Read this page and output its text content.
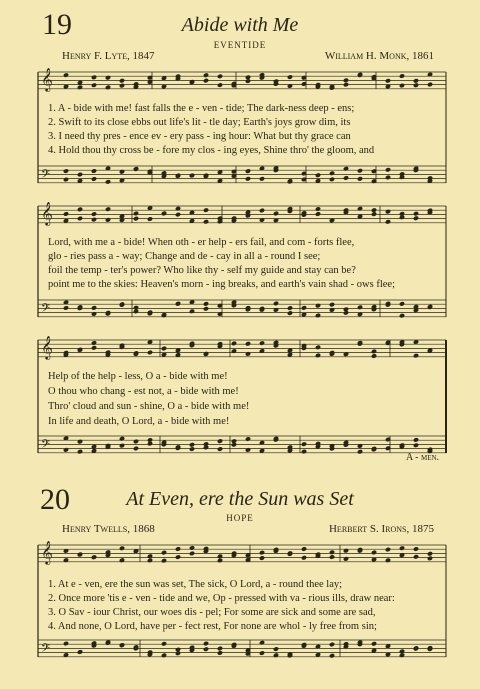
19	Abide with Me
EVENTIDE
Henry F. Lyte, 1847	William H. Monk, 1861
𝄞
𝄢
𝄞
𝄢
𝄞
𝄢
𝄞
𝄢
1. A - bide with me! fast falls the e - ven - tide; The dark-ness deep - ens;
2. Swift to its close ebbs out life's lit - tle day; Earth's joys grow dim, its
3. I need thy pres - ence ev - ery pass - ing hour: What but thy grace can
4. Hold thou thy cross be - fore my clos - ing eyes, Shine thro' the gloom, and
Lord, with me a - bide! When oth - er help - ers fail, and com - forts flee,
glo - ries pass a - way; Change and de - cay in all a - round I see;
foil the temp - ter's power? Who like thy - self my guide and stay can be?
point me to the skies: Heaven's morn - ing breaks, and earth's vain shad - ows flee;
Help of the help - less, O a - bide with me!
O thou who chang - est not, a - bide with me!
Thro' cloud and sun - shine, O a - bide with me!
In life and death, O Lord, a - bide with me!
A - men.
20	At Even, ere the Sun was Set
HOPE
Henry Twells, 1868	Herbert S. Irons, 1875
1. At e - ven, ere the sun was set, The sick, O Lord, a - round thee lay;
2. Once more 'tis e - ven - tide and we, Op - pressed with va - rious ills, draw near:
3. O Sav - iour Christ, our woes dis - pel; For some are sick and some are sad,
4. And none, O Lord, have per - fect rest, For none are whol - ly free from sin;
